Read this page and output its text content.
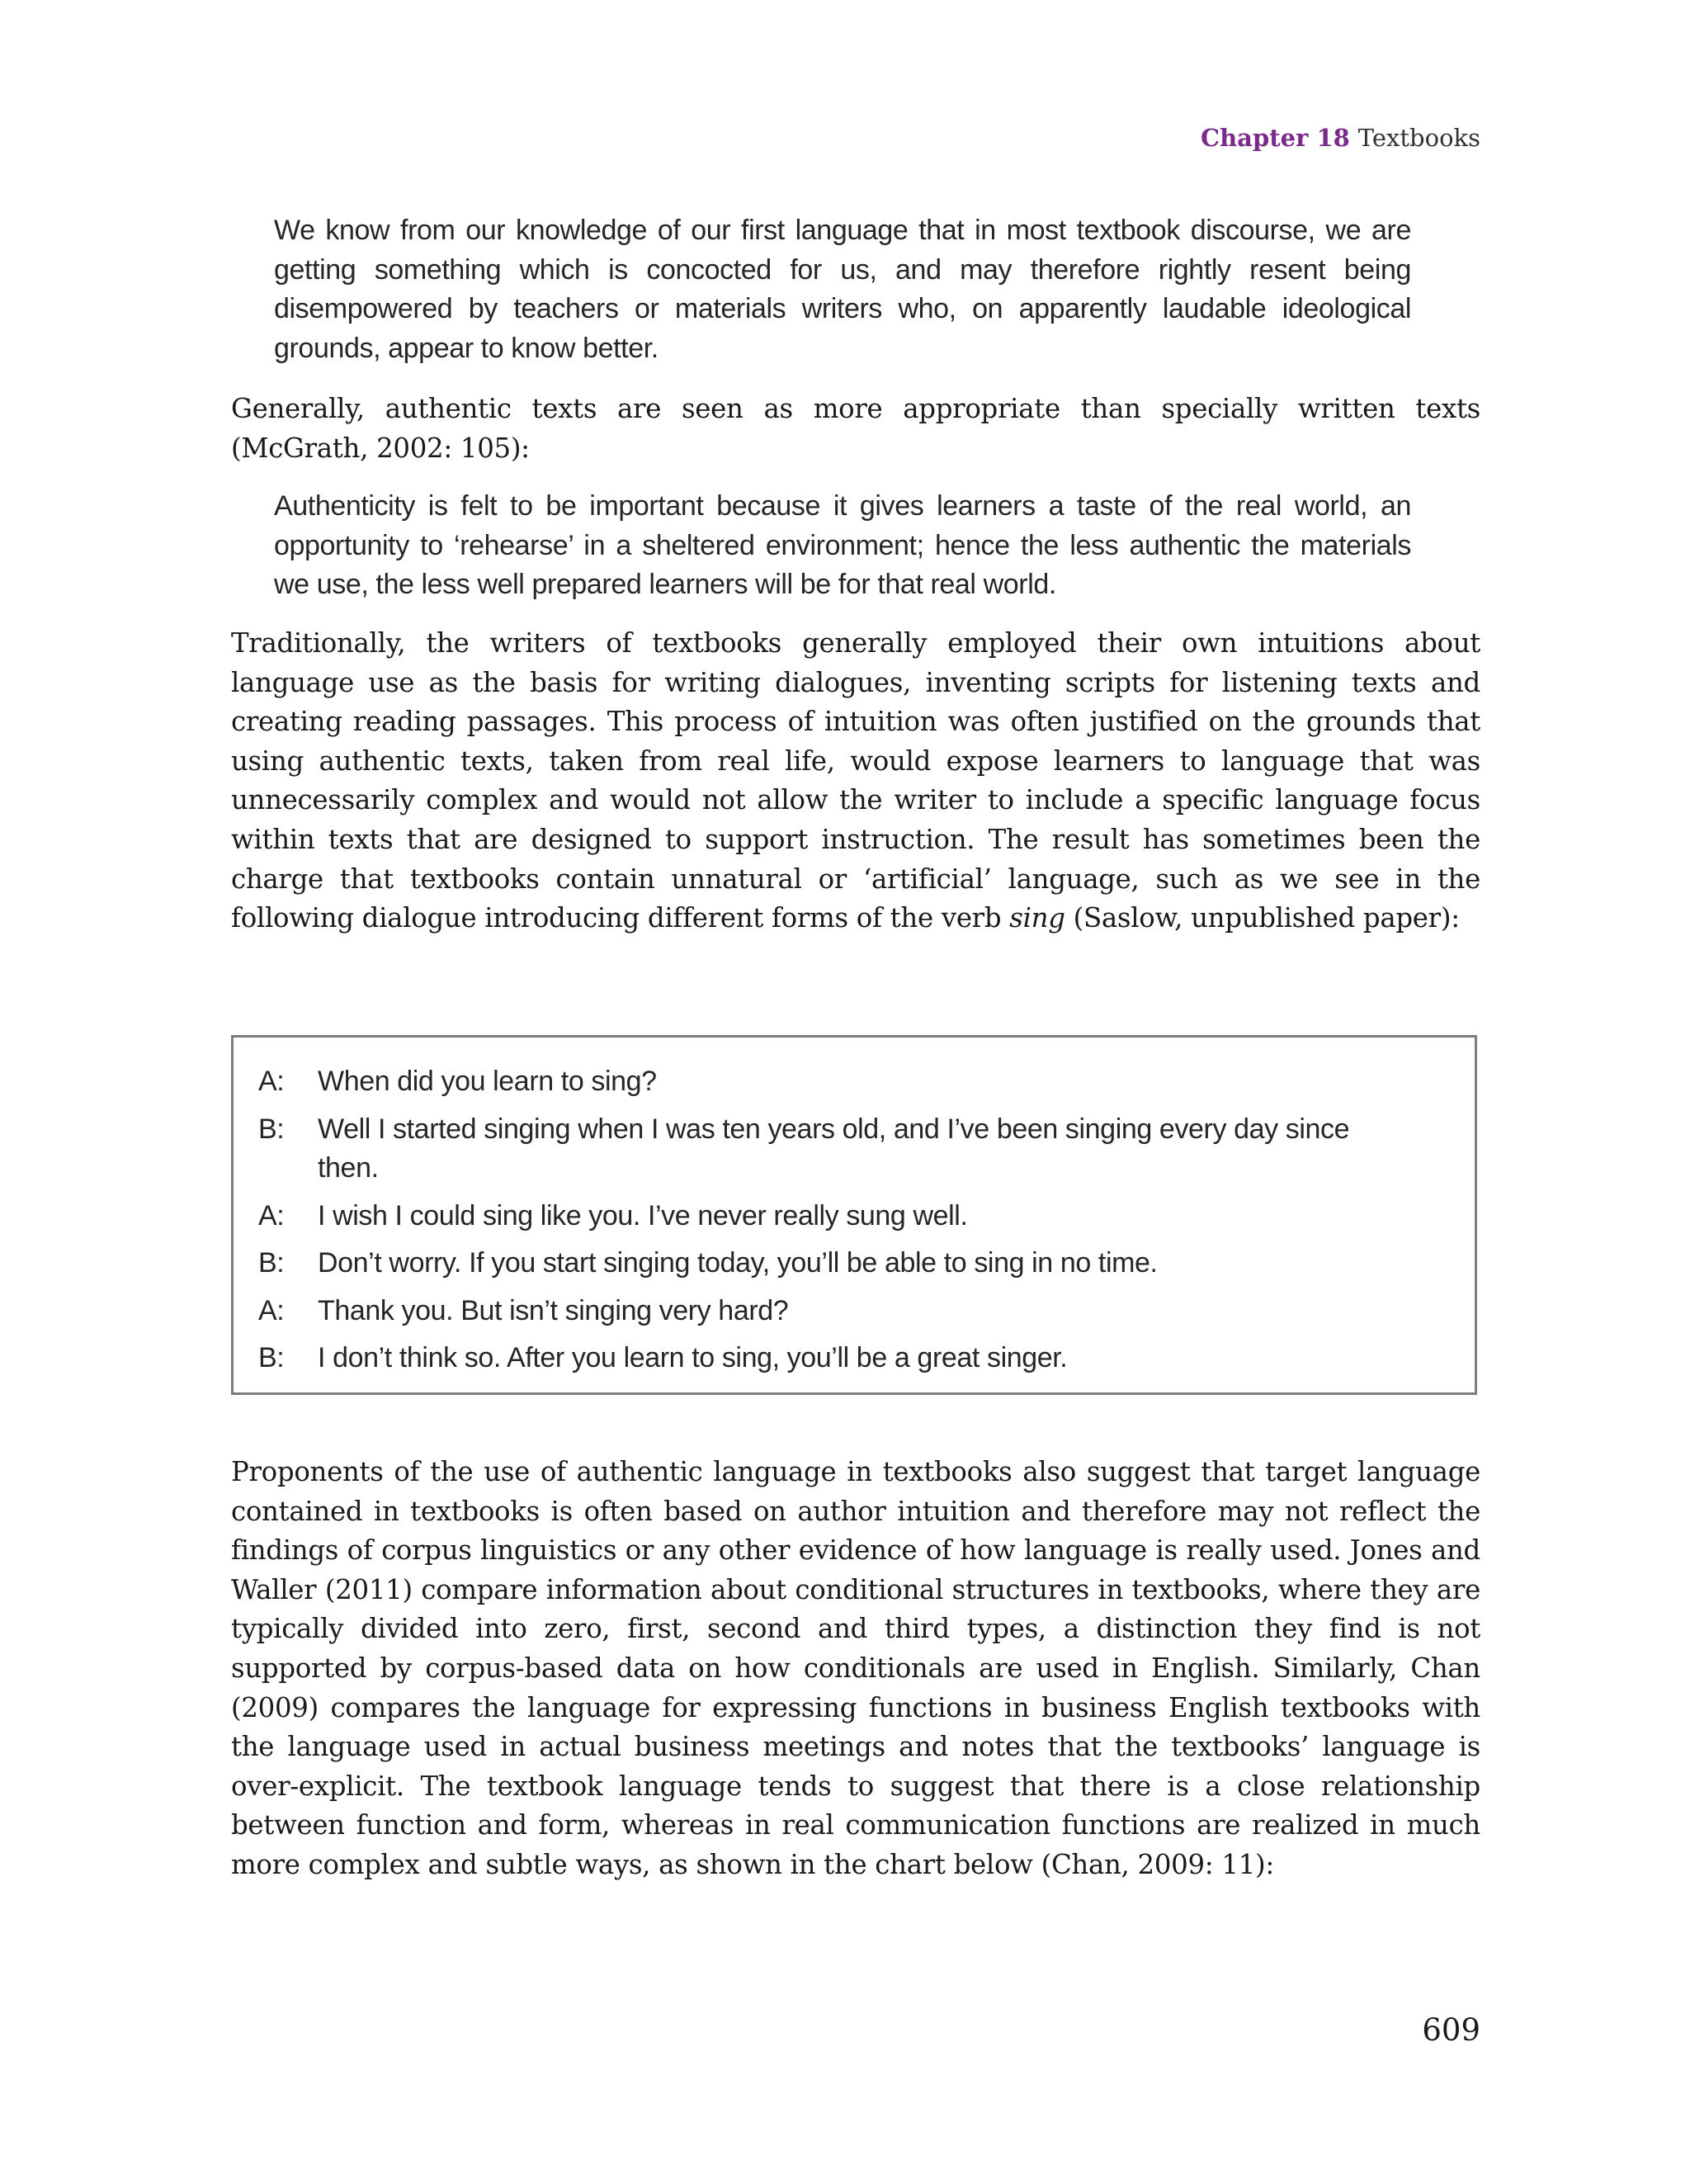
Chapter 18 Textbooks

We know from our knowledge of our first language that in most textbook discourse, we are getting something which is concocted for us, and may therefore rightly resent being disempowered by teachers or materials writers who, on apparently laudable ideological grounds, appear to know better.

Generally, authentic texts are seen as more appropriate than specially written texts (McGrath, 2002: 105):

Authenticity is felt to be important because it gives learners a taste of the real world, an opportunity to ‘rehearse’ in a sheltered environment; hence the less authentic the materials we use, the less well prepared learners will be for that real world.

Traditionally, the writers of textbooks generally employed their own intuitions about language use as the basis for writing dialogues, inventing scripts for listening texts and creating reading passages. This process of intuition was often justified on the grounds that using authentic texts, taken from real life, would expose learners to language that was unnecessarily complex and would not allow the writer to include a specific language focus within texts that are designed to support instruction. The result has sometimes been the charge that textbooks contain unnatural or ‘artificial’ language, such as we see in the following dialogue introducing different forms of the verb sing (Saslow, unpublished paper):

A:	When did you learn to sing?
B:	Well I started singing when I was ten years old, and I’ve been singing every day since then.
A:	I wish I could sing like you. I’ve never really sung well.
B:	Don’t worry. If you start singing today, you’ll be able to sing in no time.
A:	Thank you. But isn’t singing very hard?
B:	I don’t think so. After you learn to sing, you’ll be a great singer.

Proponents of the use of authentic language in textbooks also suggest that target language contained in textbooks is often based on author intuition and therefore may not reflect the findings of corpus linguistics or any other evidence of how language is really used. Jones and Waller (2011) compare information about conditional structures in textbooks, where they are typically divided into zero, first, second and third types, a distinction they find is not supported by corpus-based data on how conditionals are used in English. Similarly, Chan (2009) compares the language for expressing functions in business English textbooks with the language used in actual business meetings and notes that the textbooks’ language is over-explicit. The textbook language tends to suggest that there is a close relationship between function and form, whereas in real communication functions are realized in much more complex and subtle ways, as shown in the chart below (Chan, 2009: 11):

609
